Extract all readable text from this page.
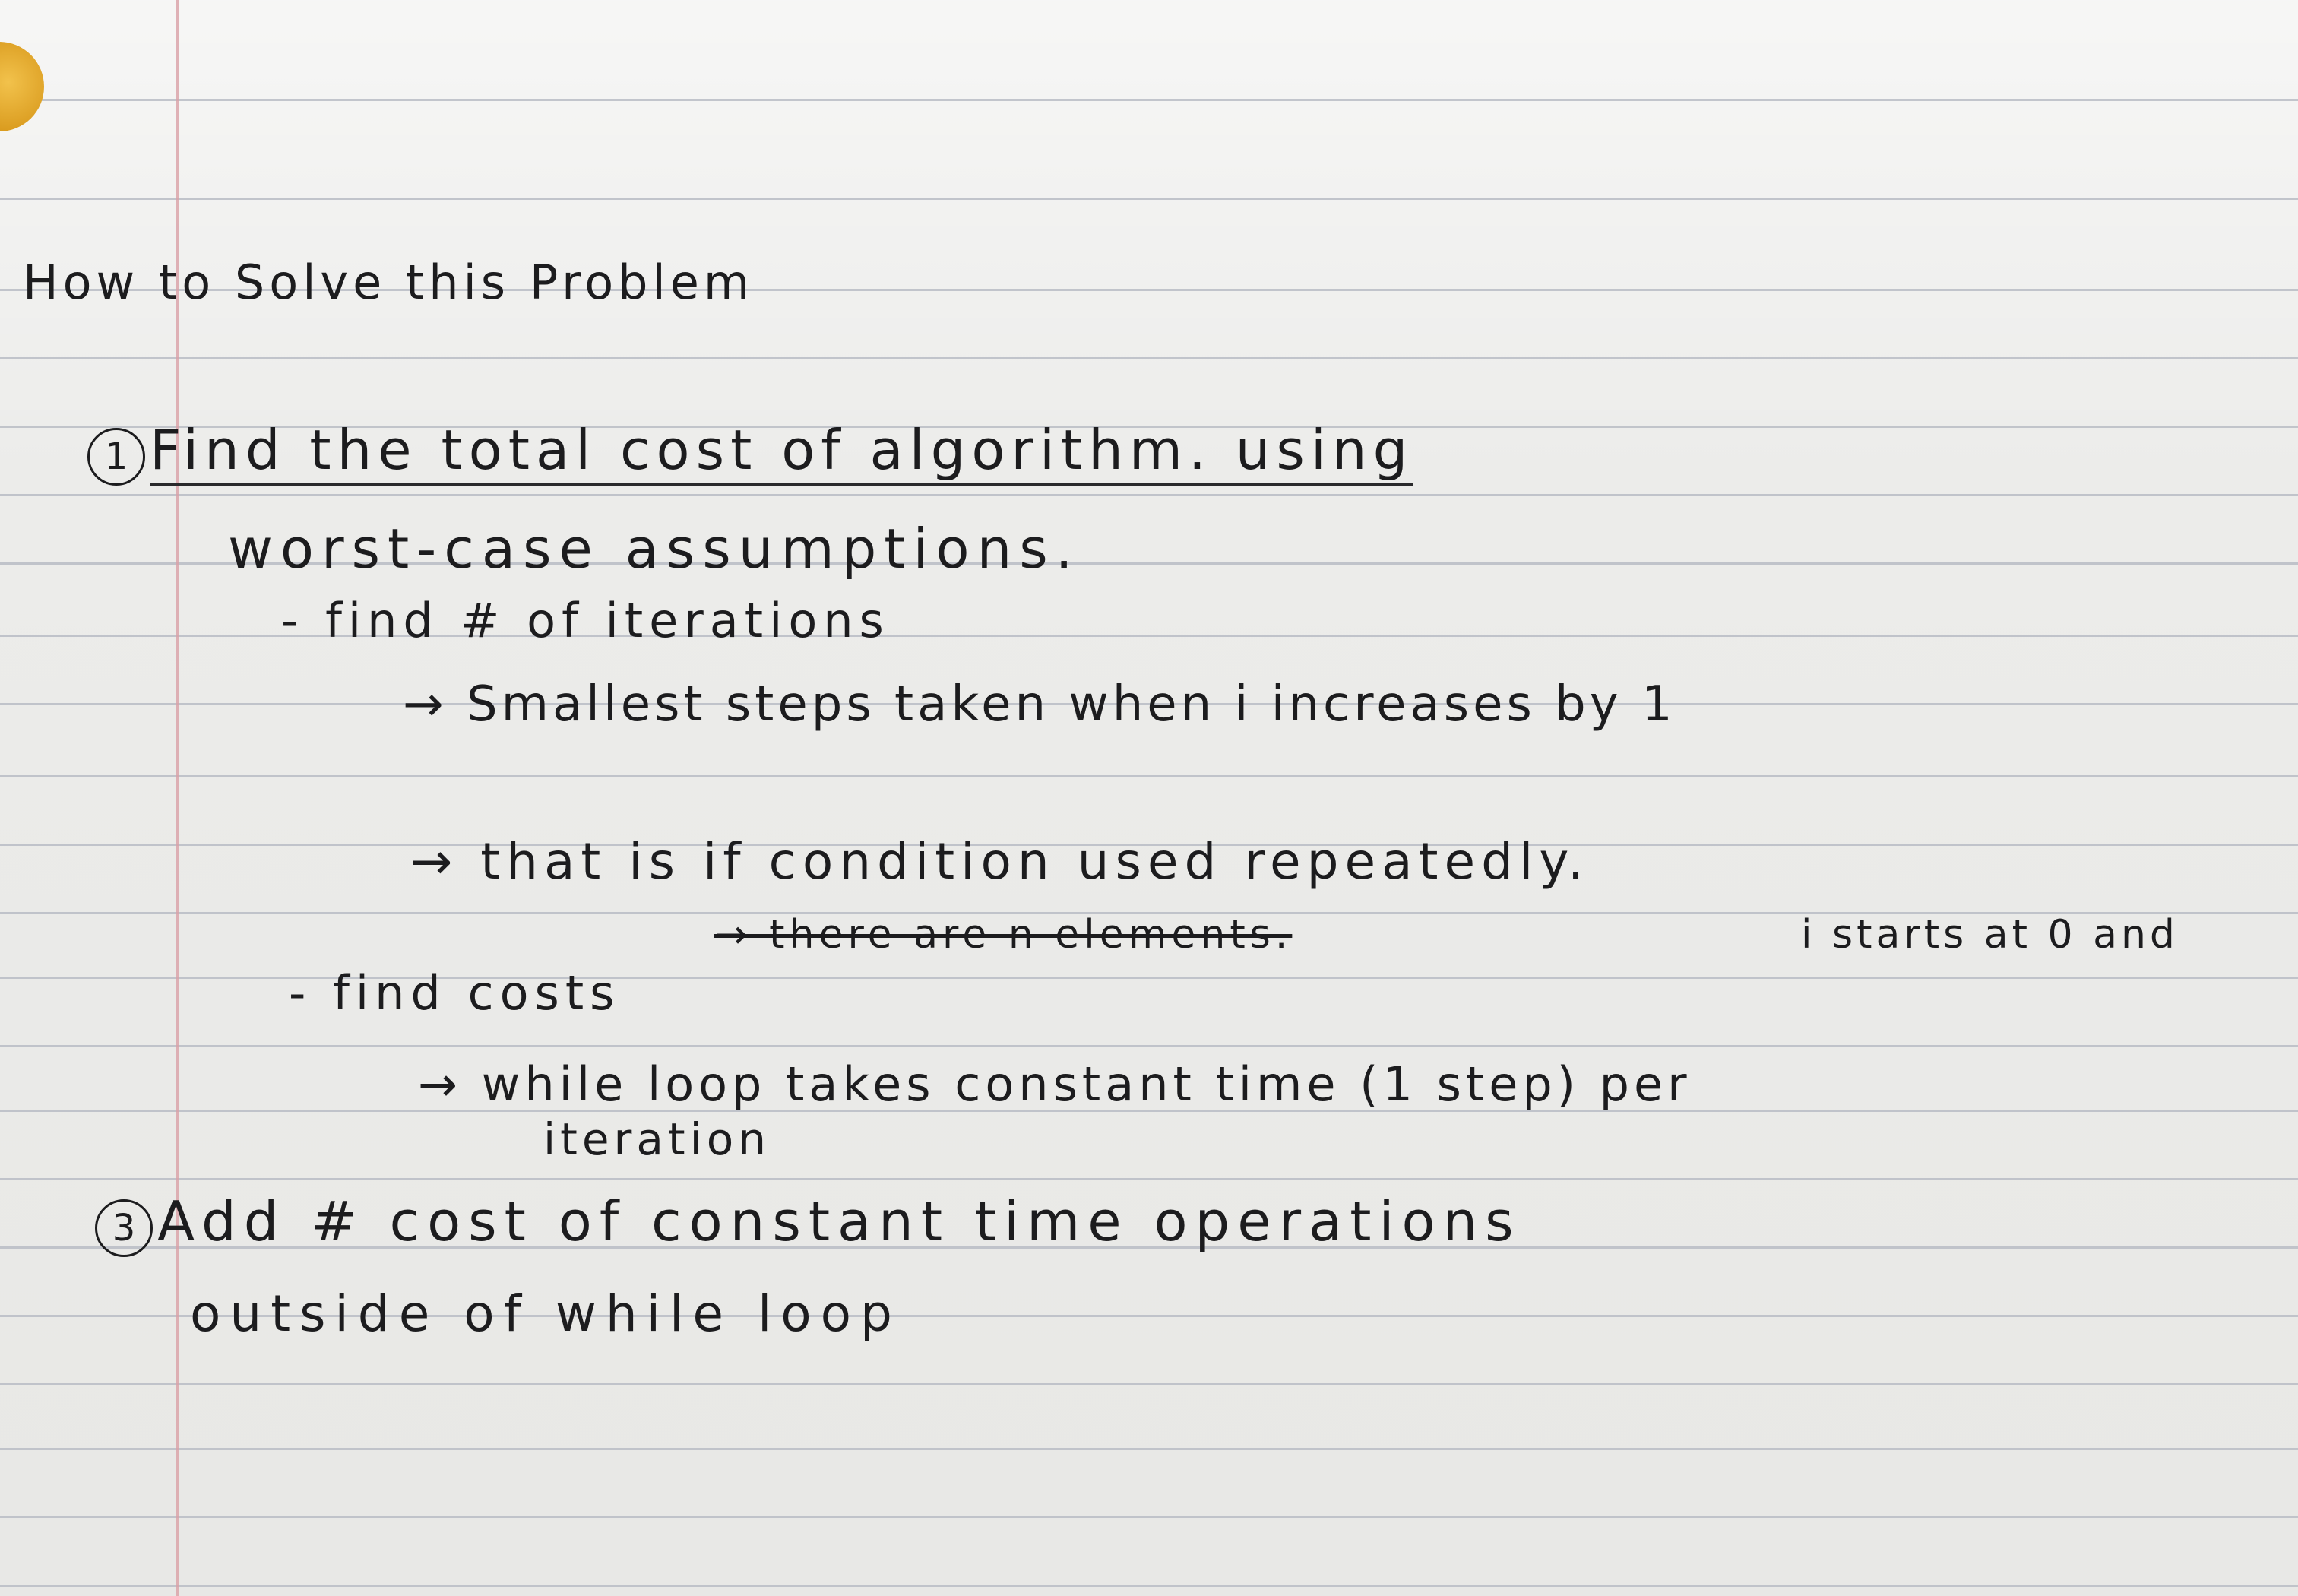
How to Solve this Problem
1 Find the total cost of algorithm. using
worst-case assumptions.
- find # of iterations
→ Smallest steps taken when i increases by 1
→ that is if condition used repeatedly.
→ there are n elements.	i starts at 0 and
- find costs
→ while loop takes constant time (1 step) per
iteration
3 Add # cost of constant time operations
outside of while loop
